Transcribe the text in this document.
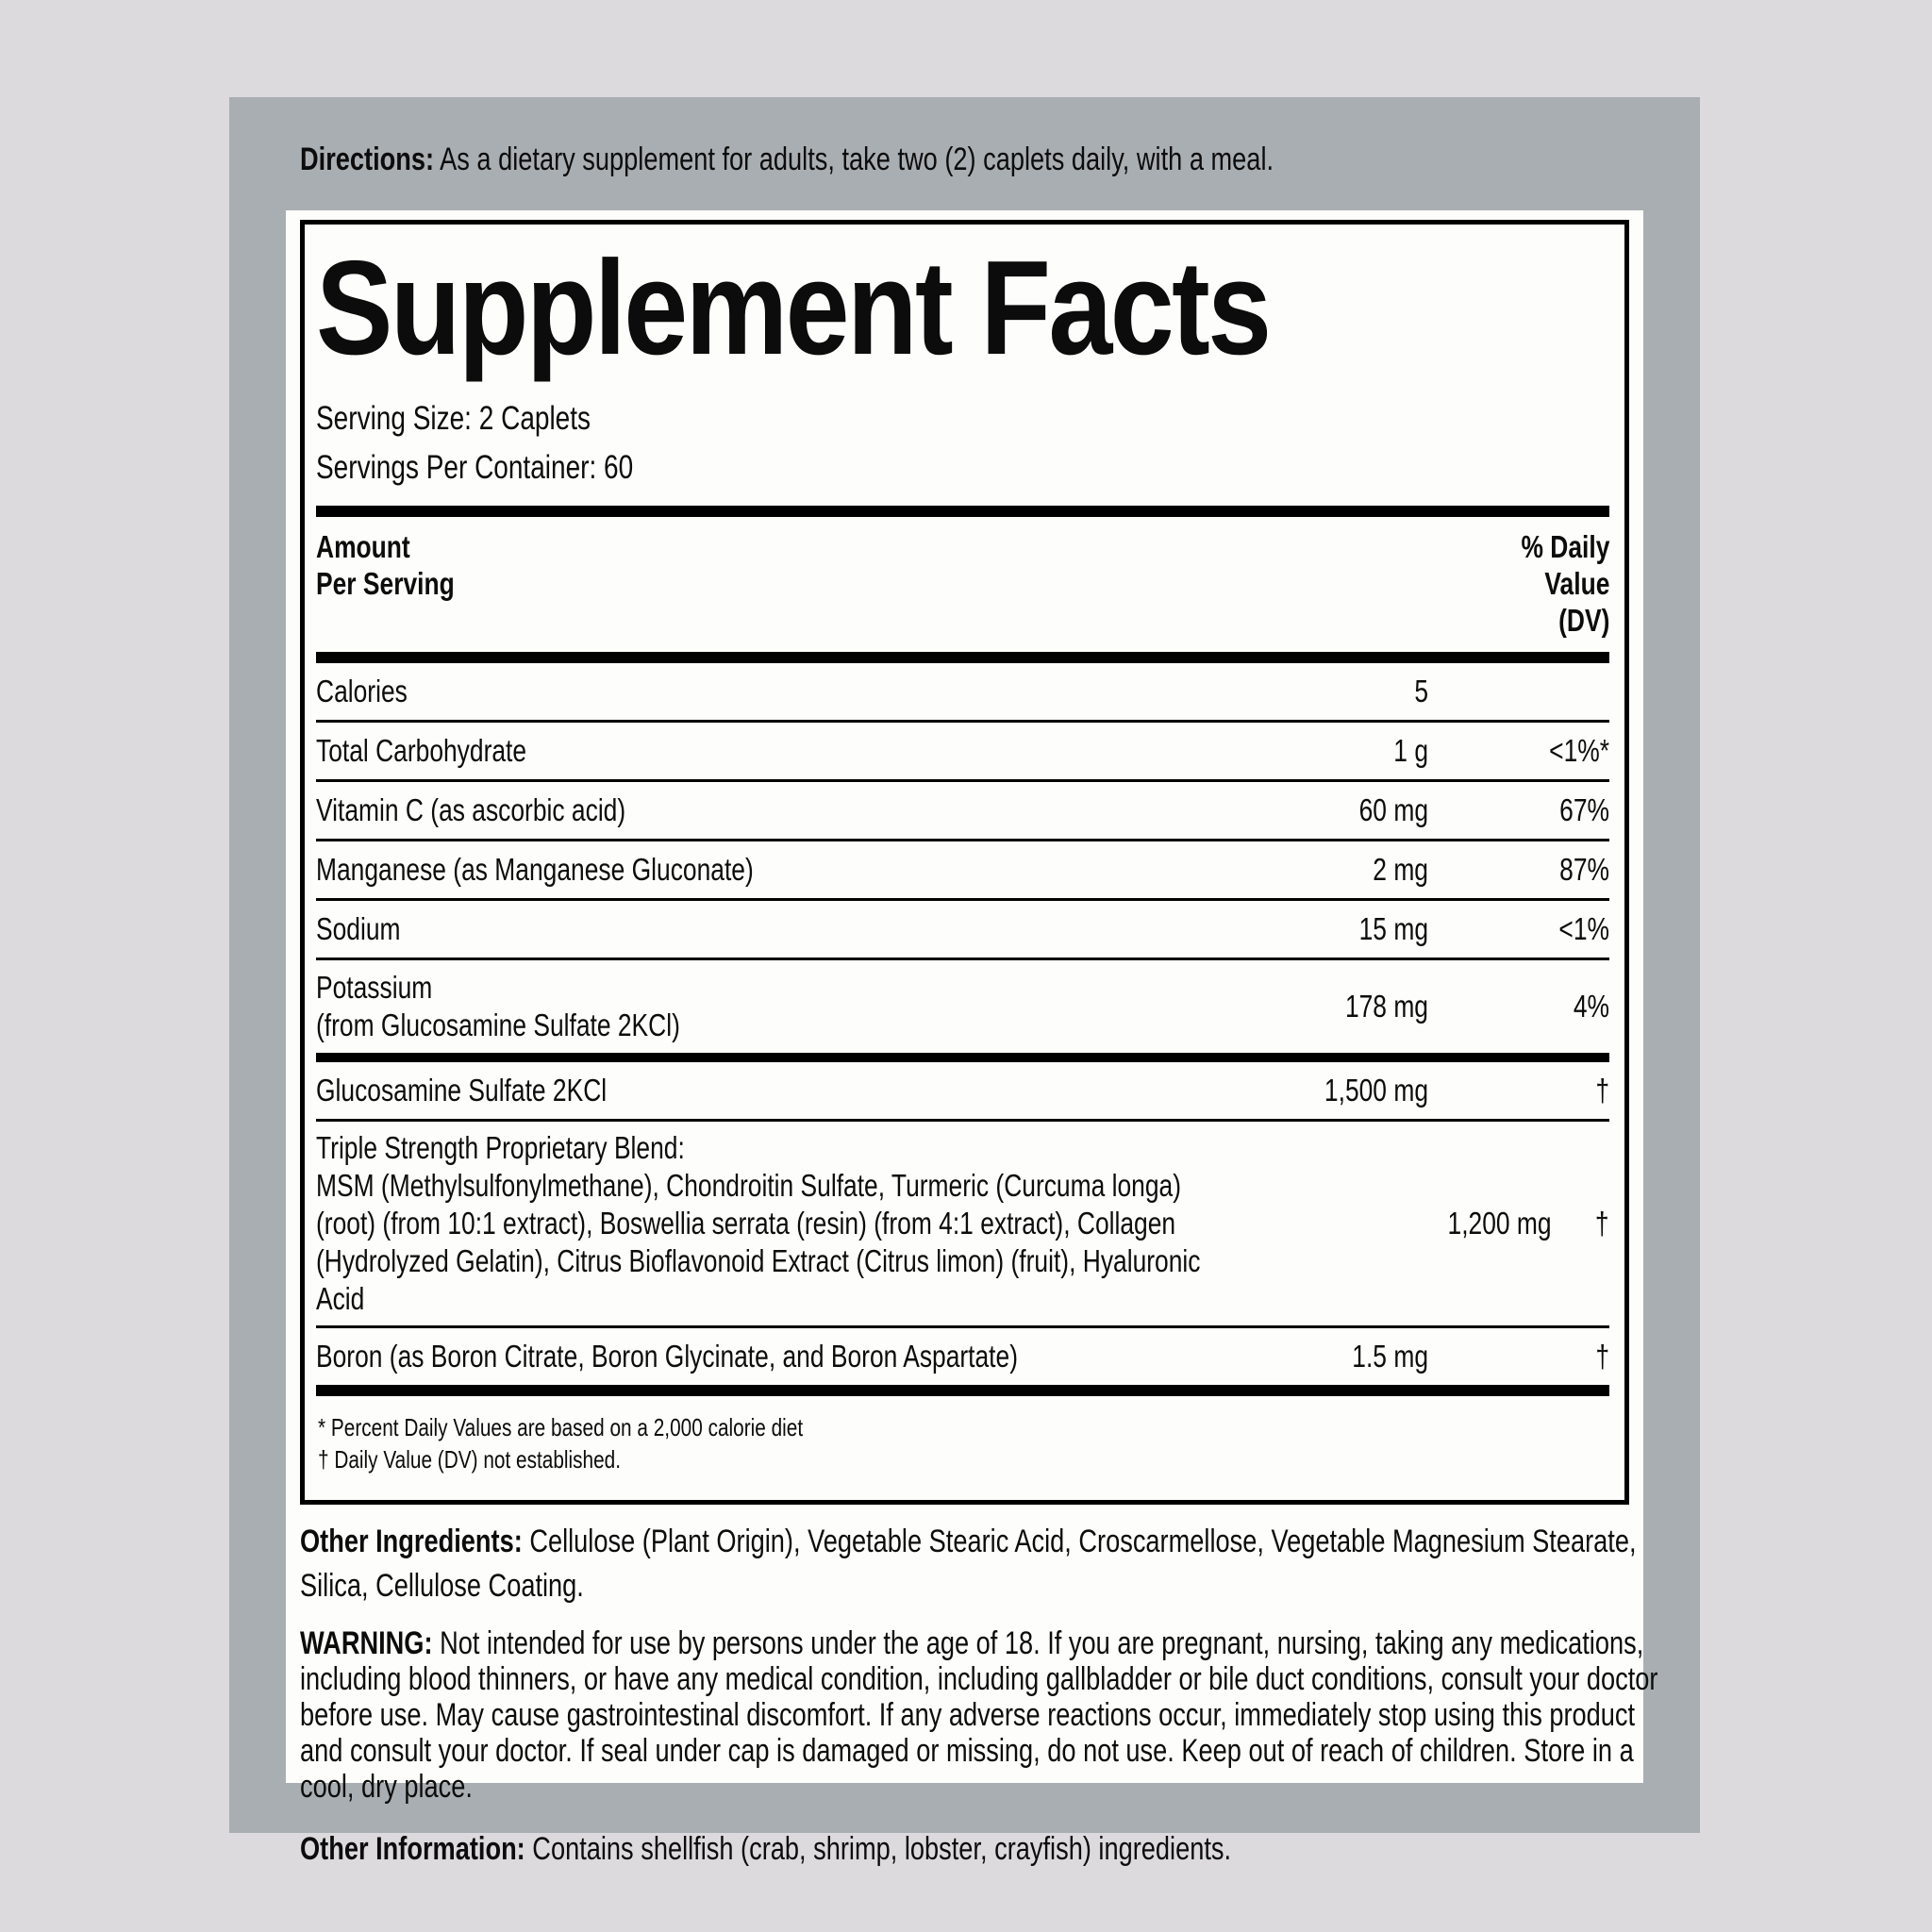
Directions: As a dietary supplement for adults, take two (2) caplets daily, with a meal.
Supplement Facts
Serving Size: 2 Caplets
Servings Per Container: 60
Amount
Per Serving
% Daily
Value
(DV)
Calories	5
Total Carbohydrate	1 g	<1%*
Vitamin C (as ascorbic acid)	60 mg	67%
Manganese (as Manganese Gluconate)	2 mg	87%
Sodium	15 mg	<1%
Potassium
(from Glucosamine Sulfate 2KCl)
178 mg	4%
Glucosamine Sulfate 2KCl	1,500 mg	†
Triple Strength Proprietary Blend:
MSM (Methylsulfonylmethane), Chondroitin Sulfate, Turmeric (Curcuma longa)
(root) (from 10:1 extract), Boswellia serrata (resin) (from 4:1 extract), Collagen
(Hydrolyzed Gelatin), Citrus Bioflavonoid Extract (Citrus limon) (fruit), Hyaluronic
Acid
1,200 mg	†
Boron (as Boron Citrate, Boron Glycinate, and Boron Aspartate)	1.5 mg	†
* Percent Daily Values are based on a 2,000 calorie diet
† Daily Value (DV) not established.
Other Ingredients: Cellulose (Plant Origin), Vegetable Stearic Acid, Croscarmellose, Vegetable Magnesium Stearate,
Silica, Cellulose Coating.
WARNING: Not intended for use by persons under the age of 18. If you are pregnant, nursing, taking any medications,
including blood thinners, or have any medical condition, including gallbladder or bile duct conditions, consult your doctor
before use. May cause gastrointestinal discomfort. If any adverse reactions occur, immediately stop using this product
and consult your doctor. If seal under cap is damaged or missing, do not use. Keep out of reach of children. Store in a
cool, dry place.
Other Information: Contains shellfish (crab, shrimp, lobster, crayfish) ingredients.
